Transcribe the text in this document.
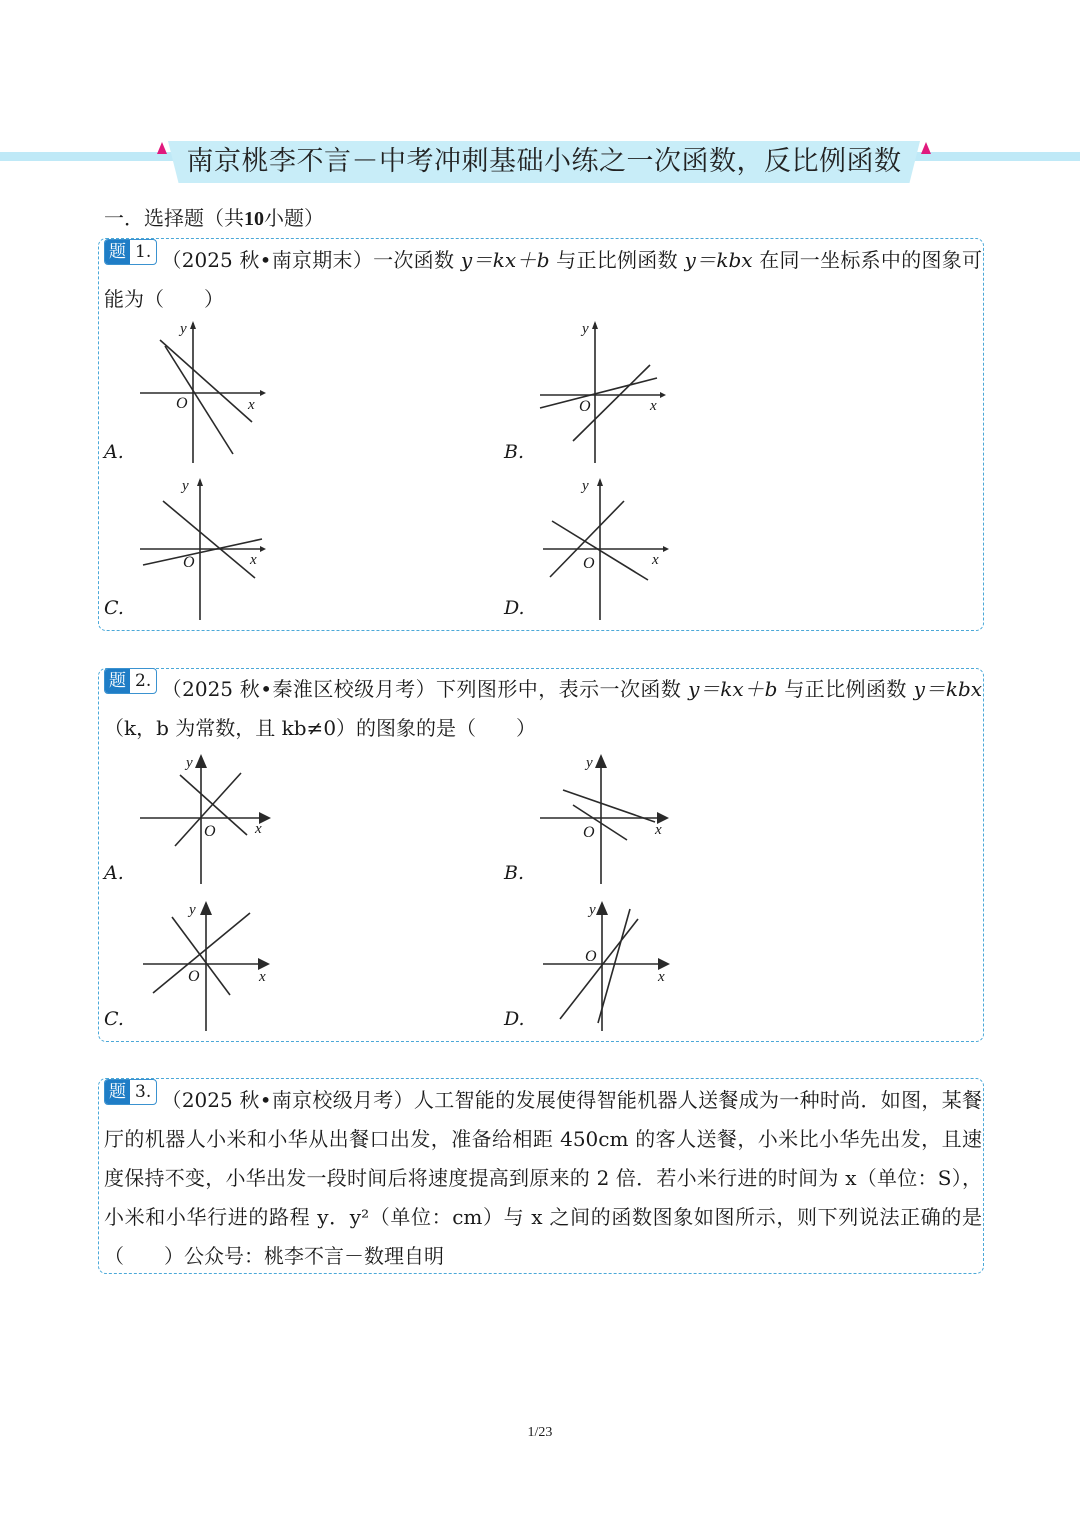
南京桃李不言－中考冲刺基础小练之一次函数，反比例函数
一．选择题（共10小题）
题 1. （2025 秋•南京期末）一次函数 y＝kx＋b 与正比例函数 y＝kbx 在同一坐标系中的图象可能为（　　）
A.	B.
C.	D.
x
y
O	x
y
O
x
y
O	x
y
O
题 2. （2025 秋•秦淮区校级月考）下列图形中，表示一次函数 y＝kx＋b 与正比例函数 y＝kbx（k，b 为常数，且 kb≠0）的图象的是（　　）
A.	B.
C.	D.
x
y
O	x
y
O
x
y
O	x
y
O
题 3. （2025 秋•南京校级月考）人工智能的发展使得智能机器人送餐成为一种时尚．如图，某餐厅的机器人小米和小华从出餐口出发，准备给相距 450cm 的客人送餐，小米比小华先出发，且速度保持不变，小华出发一段时间后将速度提高到原来的 2 倍．若小米行进的时间为 x（单位：S），小米和小华行进的路程 y．y²（单位：cm）与 x 之间的函数图象如图所示，则下列说法正确的是（　　）公众号：桃李不言－数理自明
1/23
